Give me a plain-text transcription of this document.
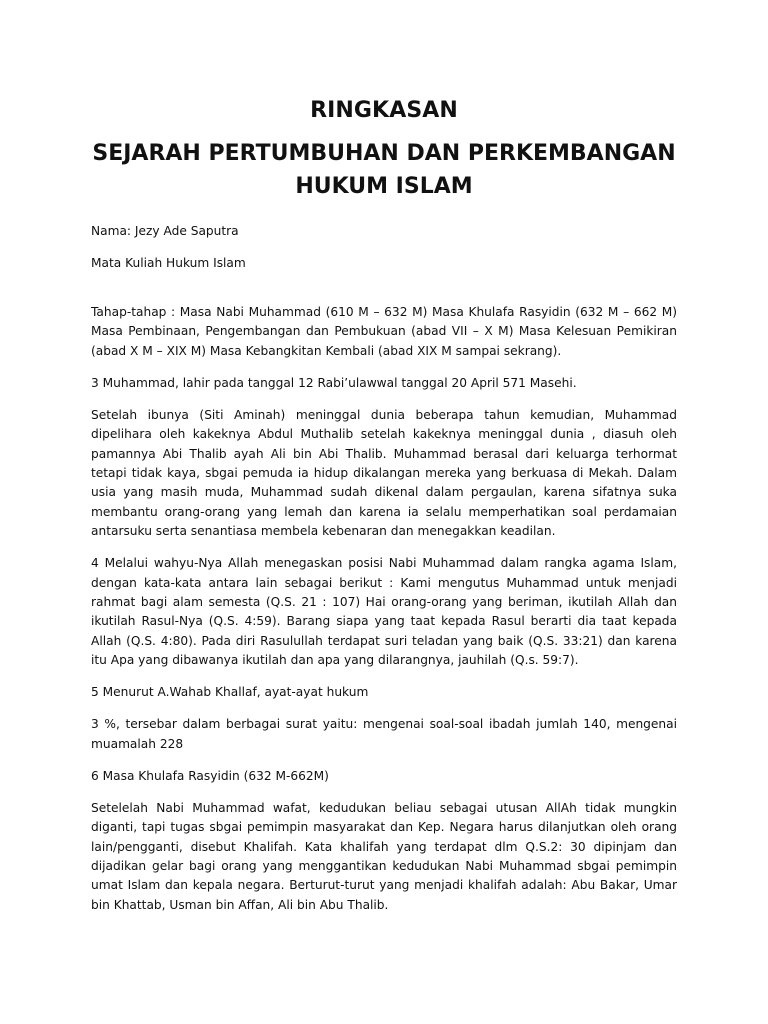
RINGKASAN
SEJARAH PERTUMBUHAN DAN PERKEMBANGAN
HUKUM ISLAM

Nama: Jezy Ade Saputra

Mata Kuliah Hukum Islam

Tahap-tahap : Masa Nabi Muhammad (610 M – 632 M) Masa Khulafa Rasyidin (632 M – 662 M) Masa Pembinaan, Pengembangan dan Pembukuan (abad VII – X M) Masa Kelesuan Pemikiran (abad X M – XIX M) Masa Kebangkitan Kembali (abad XIX M sampai sekrang).

3 Muhammad, lahir pada tanggal 12 Rabi’ulawwal tanggal 20 April 571 Masehi.

Setelah ibunya (Siti Aminah) meninggal dunia beberapa tahun kemudian, Muhammad dipelihara oleh kakeknya Abdul Muthalib setelah kakeknya meninggal dunia , diasuh oleh pamannya Abi Thalib ayah Ali bin Abi Thalib. Muhammad berasal dari keluarga terhormat tetapi tidak kaya, sbgai pemuda ia hidup dikalangan mereka yang berkuasa di Mekah. Dalam usia yang masih muda, Muhammad sudah dikenal dalam pergaulan, karena sifatnya suka membantu orang-orang yang lemah dan karena ia selalu memperhatikan soal perdamaian antarsuku serta senantiasa membela kebenaran dan menegakkan keadilan.

4 Melalui wahyu-Nya Allah menegaskan posisi Nabi Muhammad dalam rangka agama Islam, dengan kata-kata antara lain sebagai berikut : Kami mengutus Muhammad untuk menjadi rahmat bagi alam semesta (Q.S. 21 : 107) Hai orang-orang yang beriman, ikutilah Allah dan ikutilah Rasul-Nya (Q.S. 4:59). Barang siapa yang taat kepada Rasul berarti dia taat kepada Allah (Q.S. 4:80). Pada diri Rasulullah terdapat suri teladan yang baik (Q.S. 33:21) dan karena itu Apa yang dibawanya ikutilah dan apa yang dilarangnya, jauhilah (Q.s. 59:7).

5 Menurut A.Wahab Khallaf, ayat-ayat hukum

3 %, tersebar dalam berbagai surat yaitu: mengenai soal-soal ibadah jumlah 140, mengenai muamalah 228

6 Masa Khulafa Rasyidin (632 M-662M)

Setelelah Nabi Muhammad wafat, kedudukan beliau sebagai utusan AllAh tidak mungkin diganti, tapi tugas sbgai pemimpin masyarakat dan Kep. Negara harus dilanjutkan oleh orang lain/pengganti, disebut Khalifah. Kata khalifah yang terdapat dlm Q.S.2: 30 dipinjam dan dijadikan gelar bagi orang yang menggantikan kedudukan Nabi Muhammad sbgai pemimpin umat Islam dan kepala negara. Berturut-turut yang menjadi khalifah adalah: Abu Bakar, Umar bin Khattab, Usman bin Affan, Ali bin Abu Thalib.
